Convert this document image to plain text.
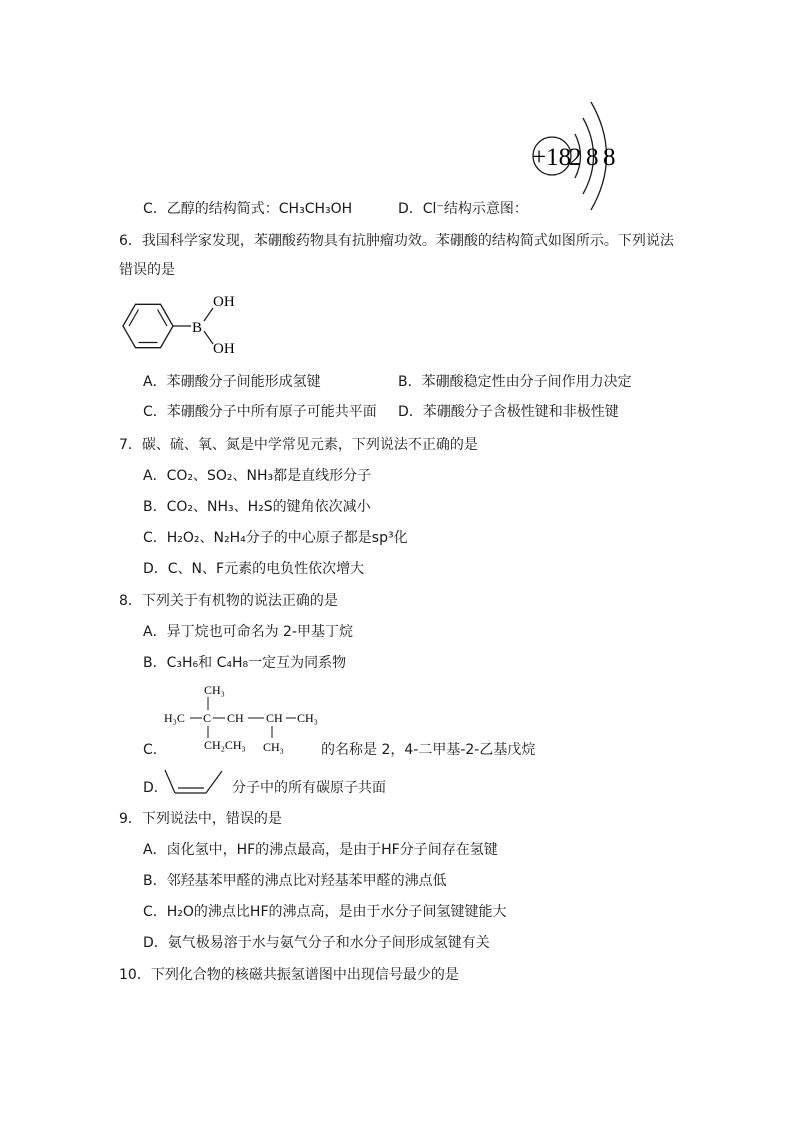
C．乙醇的结构简式：CH₃CH₃OH	D．Cl⁻结构示意图：
+18
2 8 8
6．我国科学家发现，苯硼酸药物具有抗肿瘤功效。苯硼酸的结构简式如图所示。下列说法
错误的是
B
OH
OH
A．苯硼酸分子间能形成氢键	B．苯硼酸稳定性由分子间作用力决定
C．苯硼酸分子中所有原子可能共平面 D．苯硼酸分子含极性键和非极性键
7．碳、硫、氧、氮是中学常见元素，下列说法不正确的是
A．CO₂、SO₂、NH₃都是直线形分子
B．CO₂、NH₃、H₂S的键角依次减小
C．H₂O₂、N₂H₄分子的中心原子都是sp³化
D．C、N、F元素的电负性依次增大
8．下列关于有机物的说法正确的是
A．异丁烷也可命名为 2-甲基丁烷
B．C₃H₆和 C₄H₈一定互为同系物
CH₃
H₃C C CH CH CH₃
CH₂CH₃ CH₃
C．	的名称是 2，4-二甲基-2-乙基戊烷
D．	分子中的所有碳原子共面
9．下列说法中，错误的是
A．卤化氢中，HF的沸点最高，是由于HF分子间存在氢键
B．邻羟基苯甲醛的沸点比对羟基苯甲醛的沸点低
C．H₂O的沸点比HF的沸点高，是由于水分子间氢键键能大
D．氨气极易溶于水与氨气分子和水分子间形成氢键有关
10．下列化合物的核磁共振氢谱图中出现信号最少的是
